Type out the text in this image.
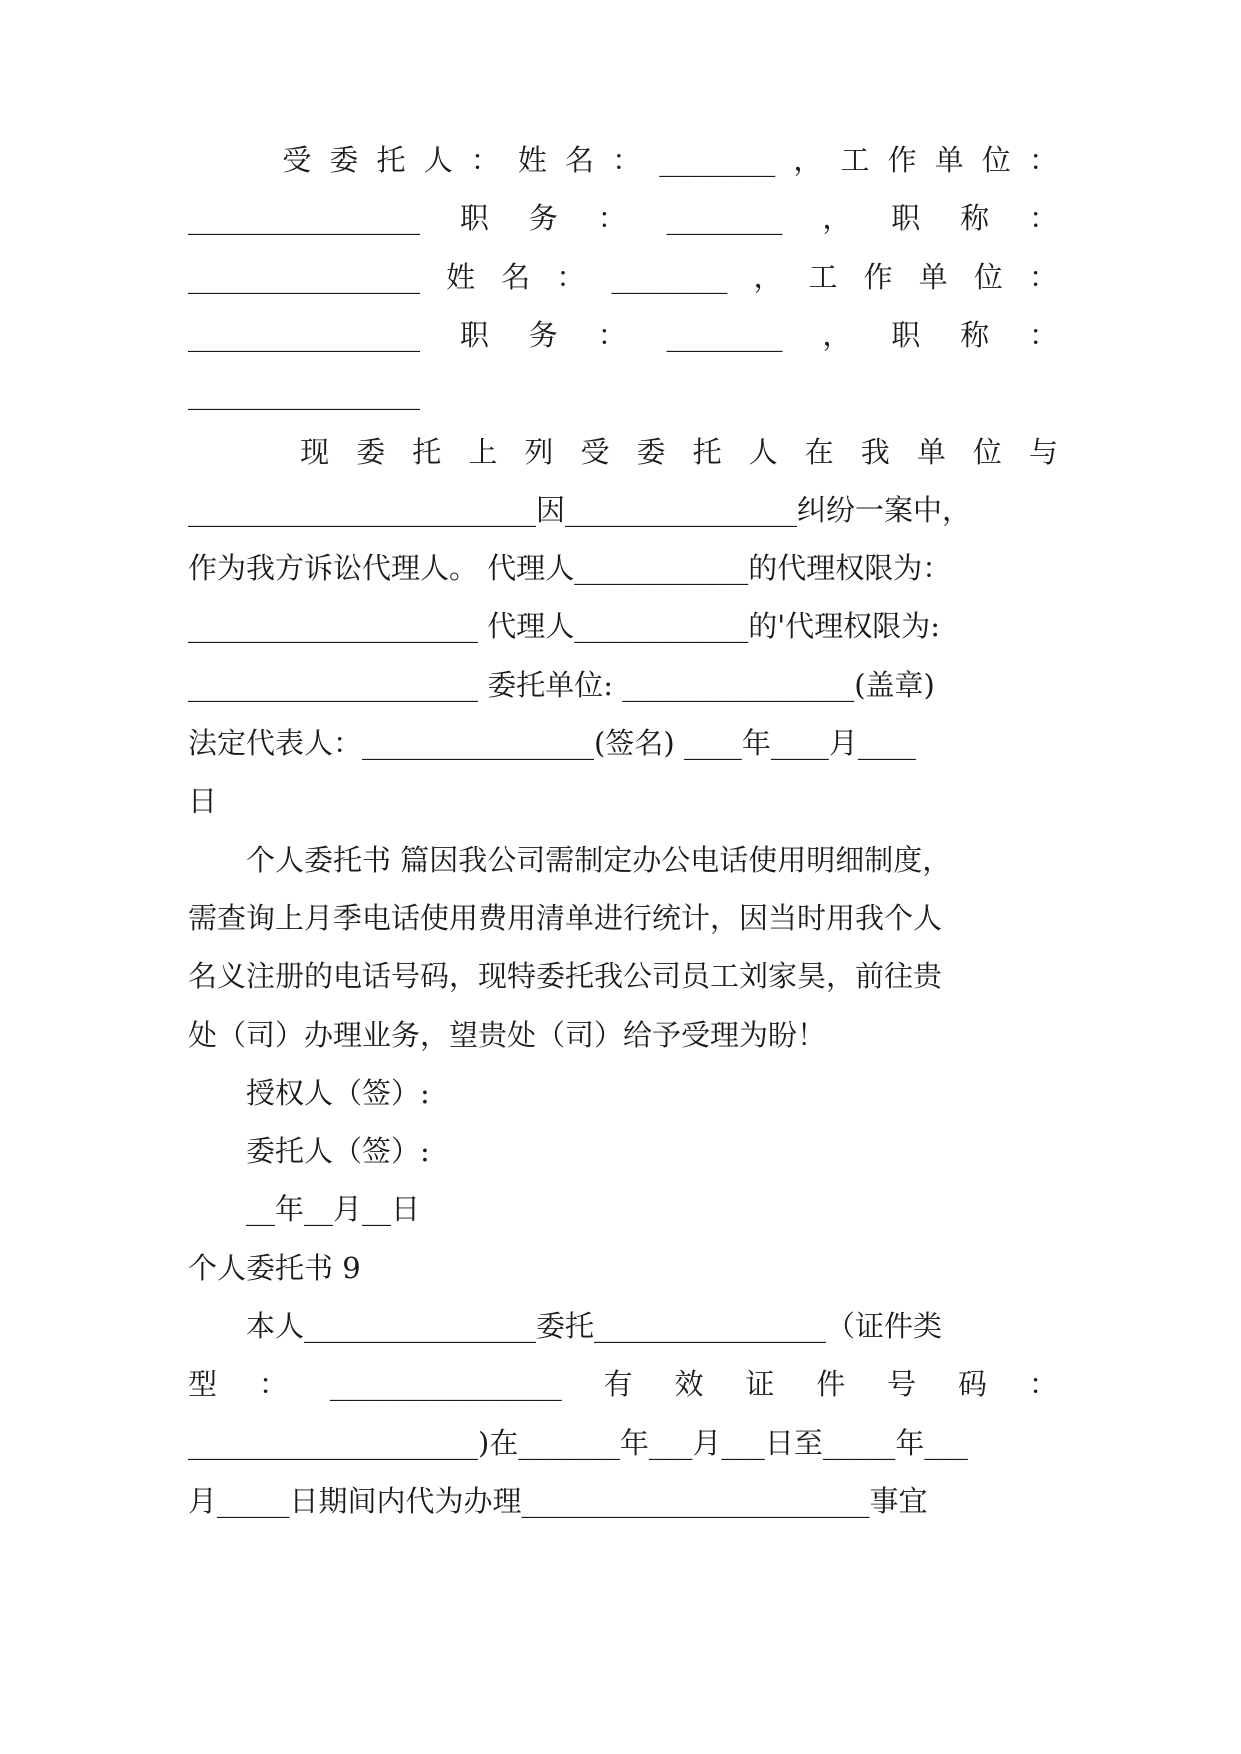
受 委 托 人 ： 姓 名 ： ________ ， 工 作 单 位 ：
________________ 职 务 ： ________ ， 职 称 ：
________________ 姓 名 ： ________ ， 工 作 单 位 ：
________________ 职 务 ： ________ ， 职 称 ：
________________

现 委 托 上 列 受 委 托 人 在 我 单 位 与
________________________因________________纠纷一案中，
作为我方诉讼代理人。 代理人____________的代理权限为：
____________________ 代理人____________的'代理权限为:
____________________ 委托单位: ________________(盖章)
法定代表人：________________(签名) ____年____月____
日
　　个人委托书 篇因我公司需制定办公电话使用明细制度，
需查询上月季电话使用费用清单进行统计，因当时用我个人
名义注册的电话号码，现特委托我公司员工刘家昊，前往贵
处（司）办理业务，望贵处（司）给予受理为盼！
　　授权人（签）:
　　委托人（签）:
　　__年__月__日
个人委托书 9
　　本人________________委托________________（证件类
型 ： ________________ 有 效 证 件 号 码 ：
____________________)在_______年___月___日至_____年___
月_____日期间内代为办理________________________事宜
